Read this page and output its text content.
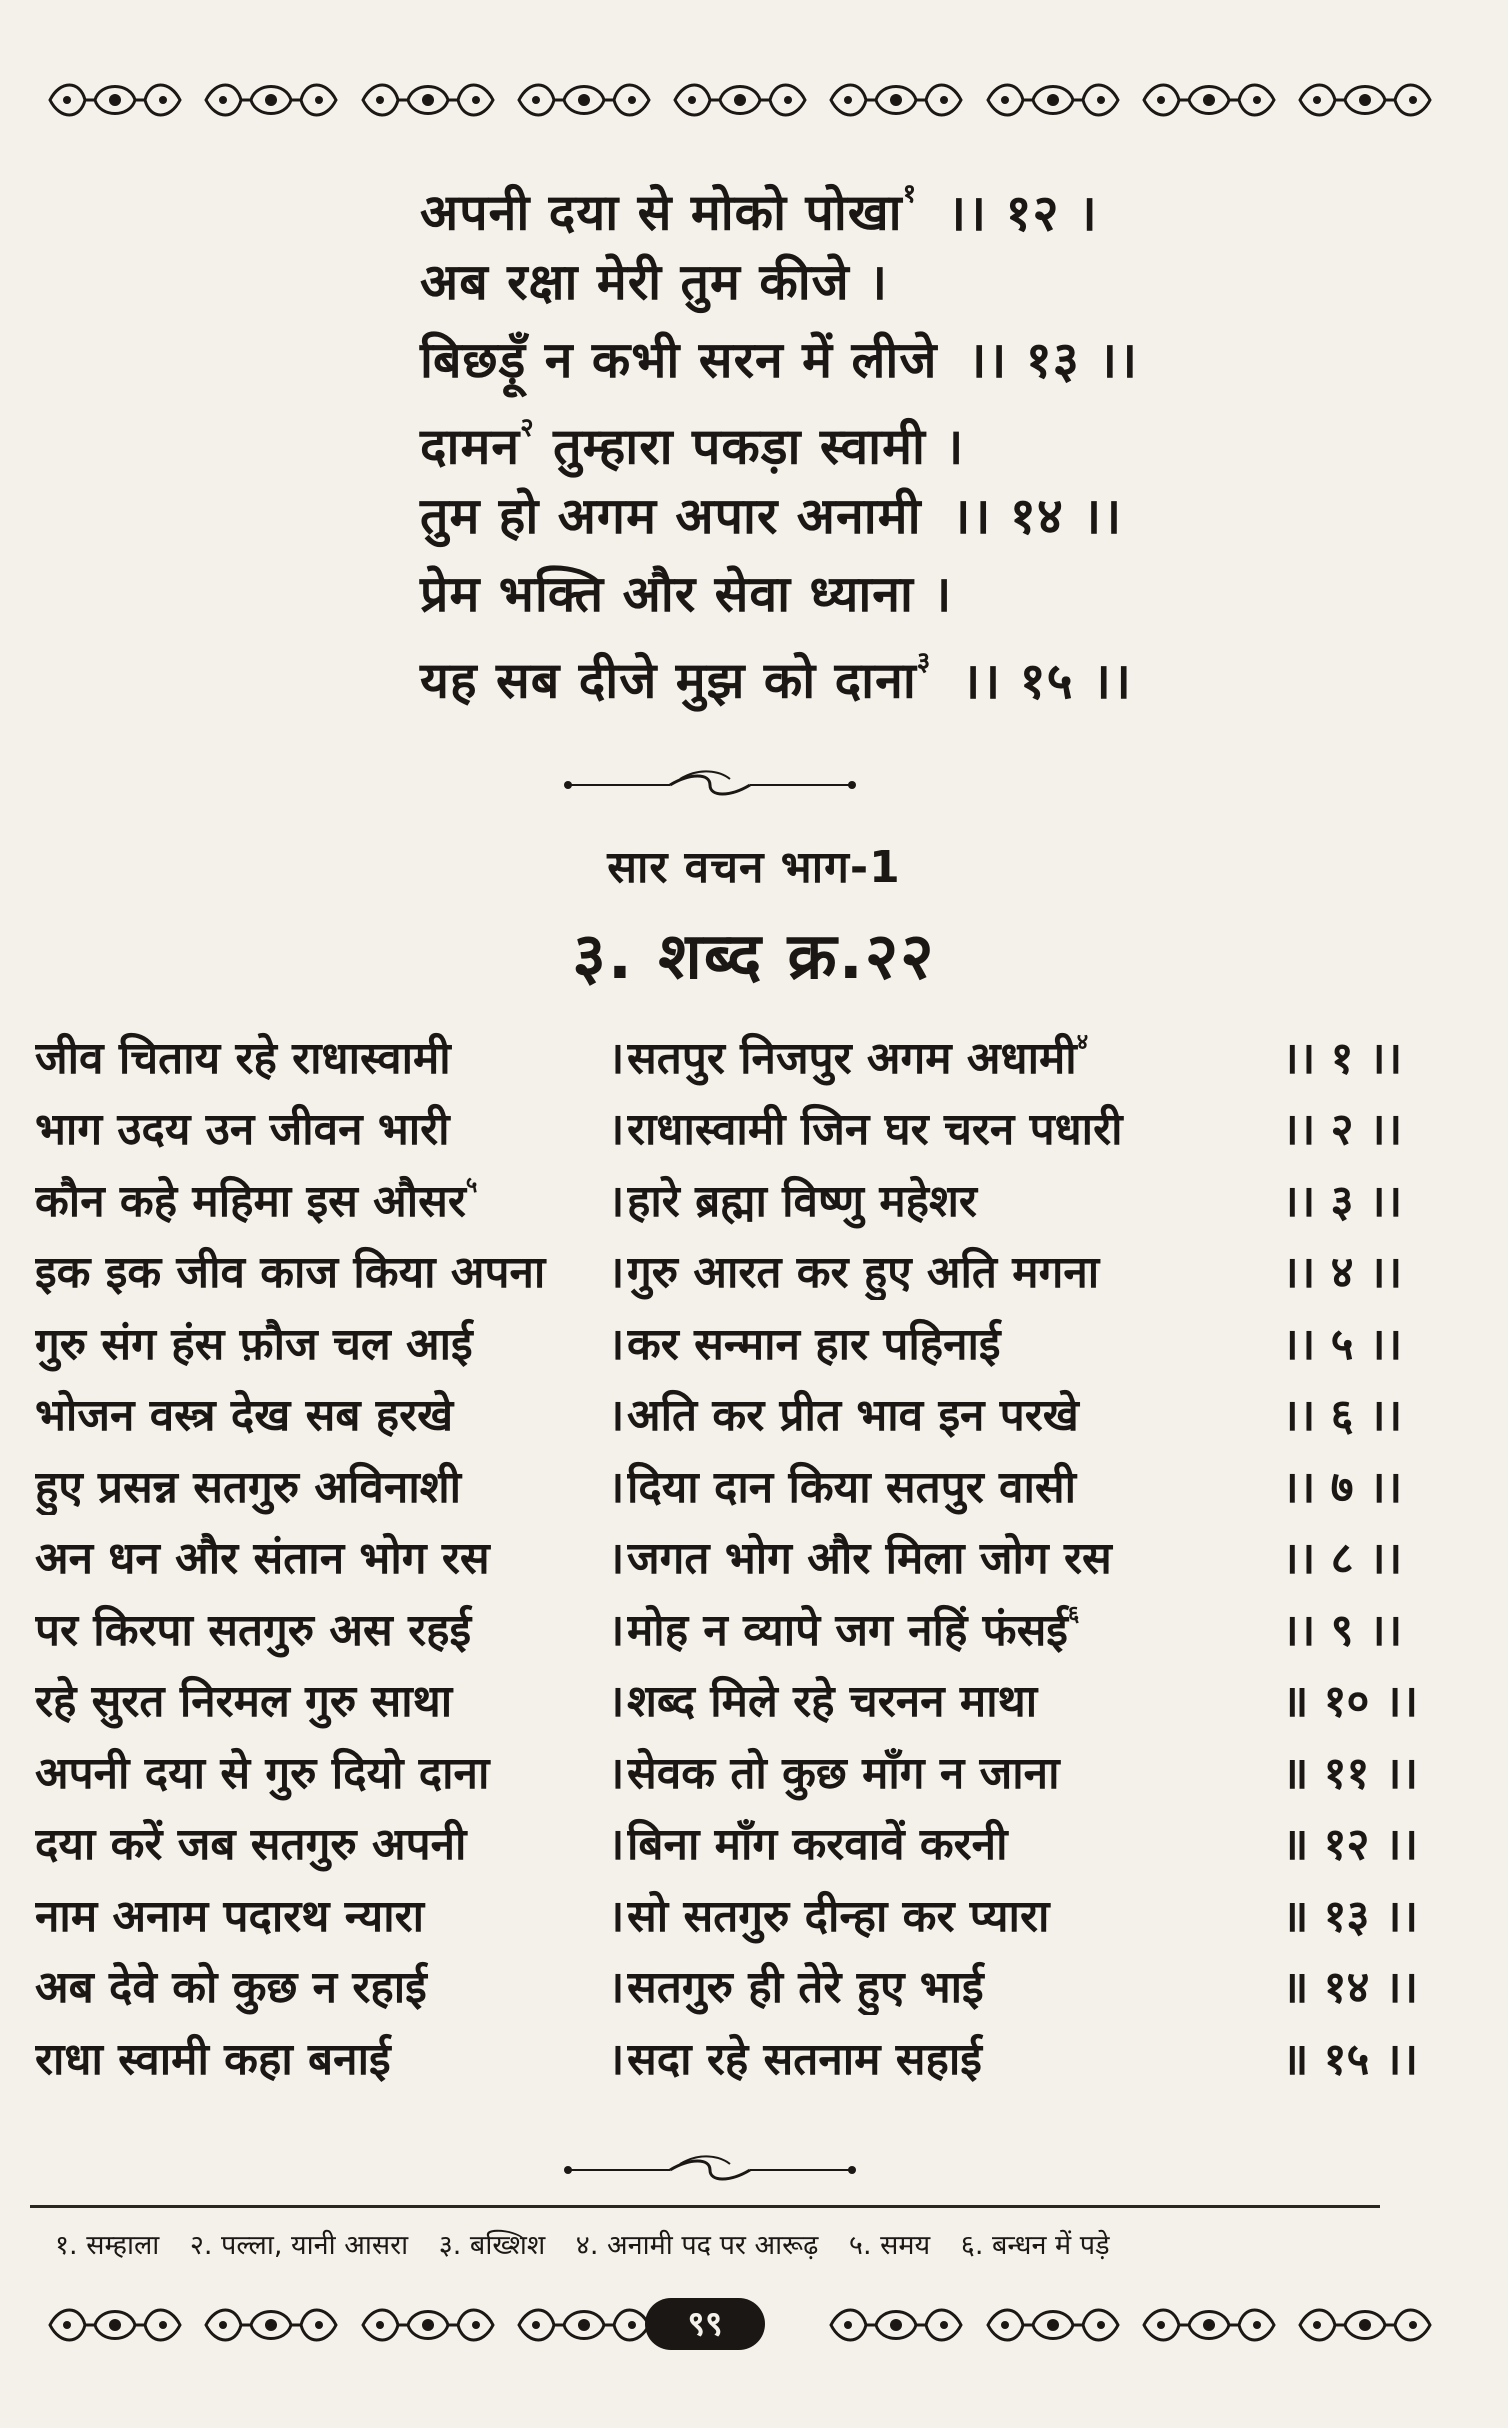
अपनी दया से मोको पोखा$^१$ ।। १२ ।
अब रक्षा मेरी तुम कीजे ।
बिछड़ूँ न कभी सरन में लीजे ।। १३ ।।
दामन$^२$ तुम्हारा पकड़ा स्वामी ।
तुम हो अगम अपार अनामी ।। १४ ।।
प्रेम भक्ति और सेवा ध्याना ।
यह सब दीजे मुझ को दाना$^३$ ।। १५ ।।
सार वचन भाग-1
३. शब्द क्र.२२
जीव चिताय रहे राधास्वामी	। सतपुर निजपुर अगम अधामी$^४$	।। १ ।।
भाग उदय उन जीवन भारी	। राधास्वामी जिन घर चरन पधारी	।। २ ।।
कौन कहे महिमा इस औसर$^५$	। हारे ब्रह्मा विष्णु महेशर	।। ३ ।।
इक इक जीव काज किया अपना	। गुरु आरत कर हुए अति मगना	।। ४ ।।
गुरु संग हंस फ़ौज चल आई	। कर सन्मान हार पहिनाई	।। ५ ।।
भोजन वस्त्र देख सब हरखे	। अति कर प्रीत भाव इन परखे	।। ६ ।।
हुए प्रसन्न सतगुरु अविनाशी	। दिया दान किया सतपुर वासी	।। ७ ।।
अन धन और संतान भोग रस	। जगत भोग और मिला जोग रस	।। ८ ।।
पर किरपा सतगुरु अस रहई	। मोह न व्यापे जग नहिं फंसई$^६$	।। ९ ।।
रहे सुरत निरमल गुरु साथा	। शब्द मिले रहे चरनन माथा	॥ १० ।।
अपनी दया से गुरु दियो दाना	। सेवक तो कुछ माँग न जाना	॥ ११ ।।
दया करें जब सतगुरु अपनी	। बिना माँग करवावें करनी	॥ १२ ।।
नाम अनाम पदारथ न्यारा	। सो सतगुरु दीन्हा कर प्यारा	॥ १३ ।।
अब देवे को कुछ न रहाई	। सतगुरु ही तेरे हुए भाई	॥ १४ ।।
राधा स्वामी कहा बनाई	। सदा रहे सतनाम सहाई	॥ १५ ।।
१. सम्हाला २. पल्ला, यानी आसरा ३. बख्शिश ४. अनामी पद पर आरूढ़ ५. समय ६. बन्धन में पड़े
९९
